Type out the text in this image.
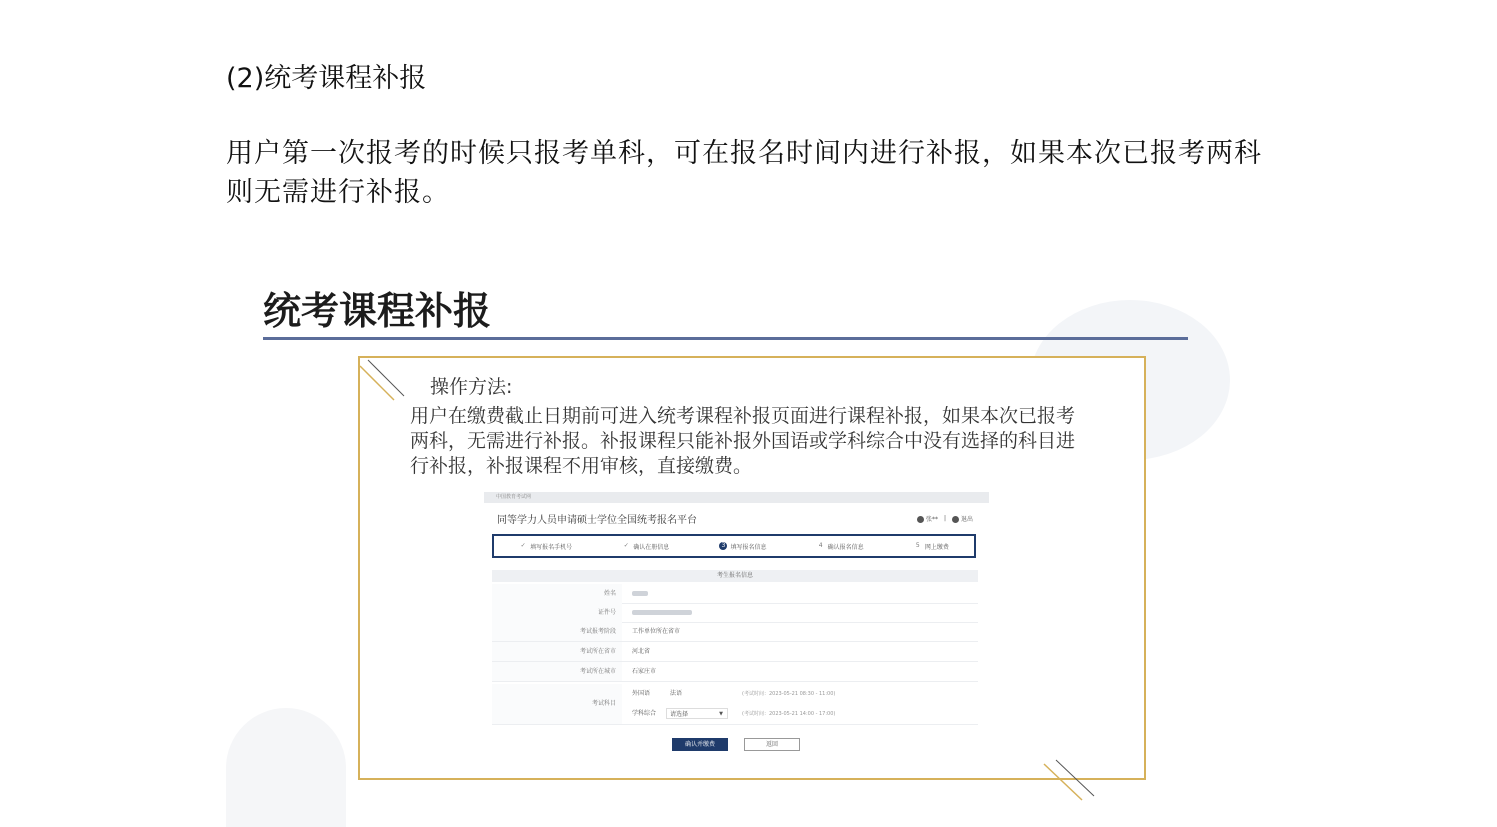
(2)统考课程补报
用户第一次报考的时候只报考单科，可在报名时间内进行补报，如果本次已报考两科则无需进行补报。
统考课程补报
操作方法:
用户在缴费截止日期前可进入统考课程补报页面进行课程补报，如果本次已报考两科，无需进行补报。补报课程只能补报外国语或学科综合中没有选择的科目进行补报，补报课程不用审核，直接缴费。
中国教育考试网
同等学力人员申请硕士学位全国统考报名平台	张** |	退出
✓ 填写报名手机号	✓ 确认在册信息	3 填写报名信息	4 确认报名信息	5 网上缴费
考生报名信息
姓名
证件号
考试报考阶段	工作单位所在省市
考试所在省市	河北省
考试所在城市	石家庄市
考试科目
外国语	法语	(考试时间：2023-05-21 08:30 - 11:00)
学科综合	请选择	▼	(考试时间：2023-05-21 14:00 - 17:00)
确认并缴费	返回
